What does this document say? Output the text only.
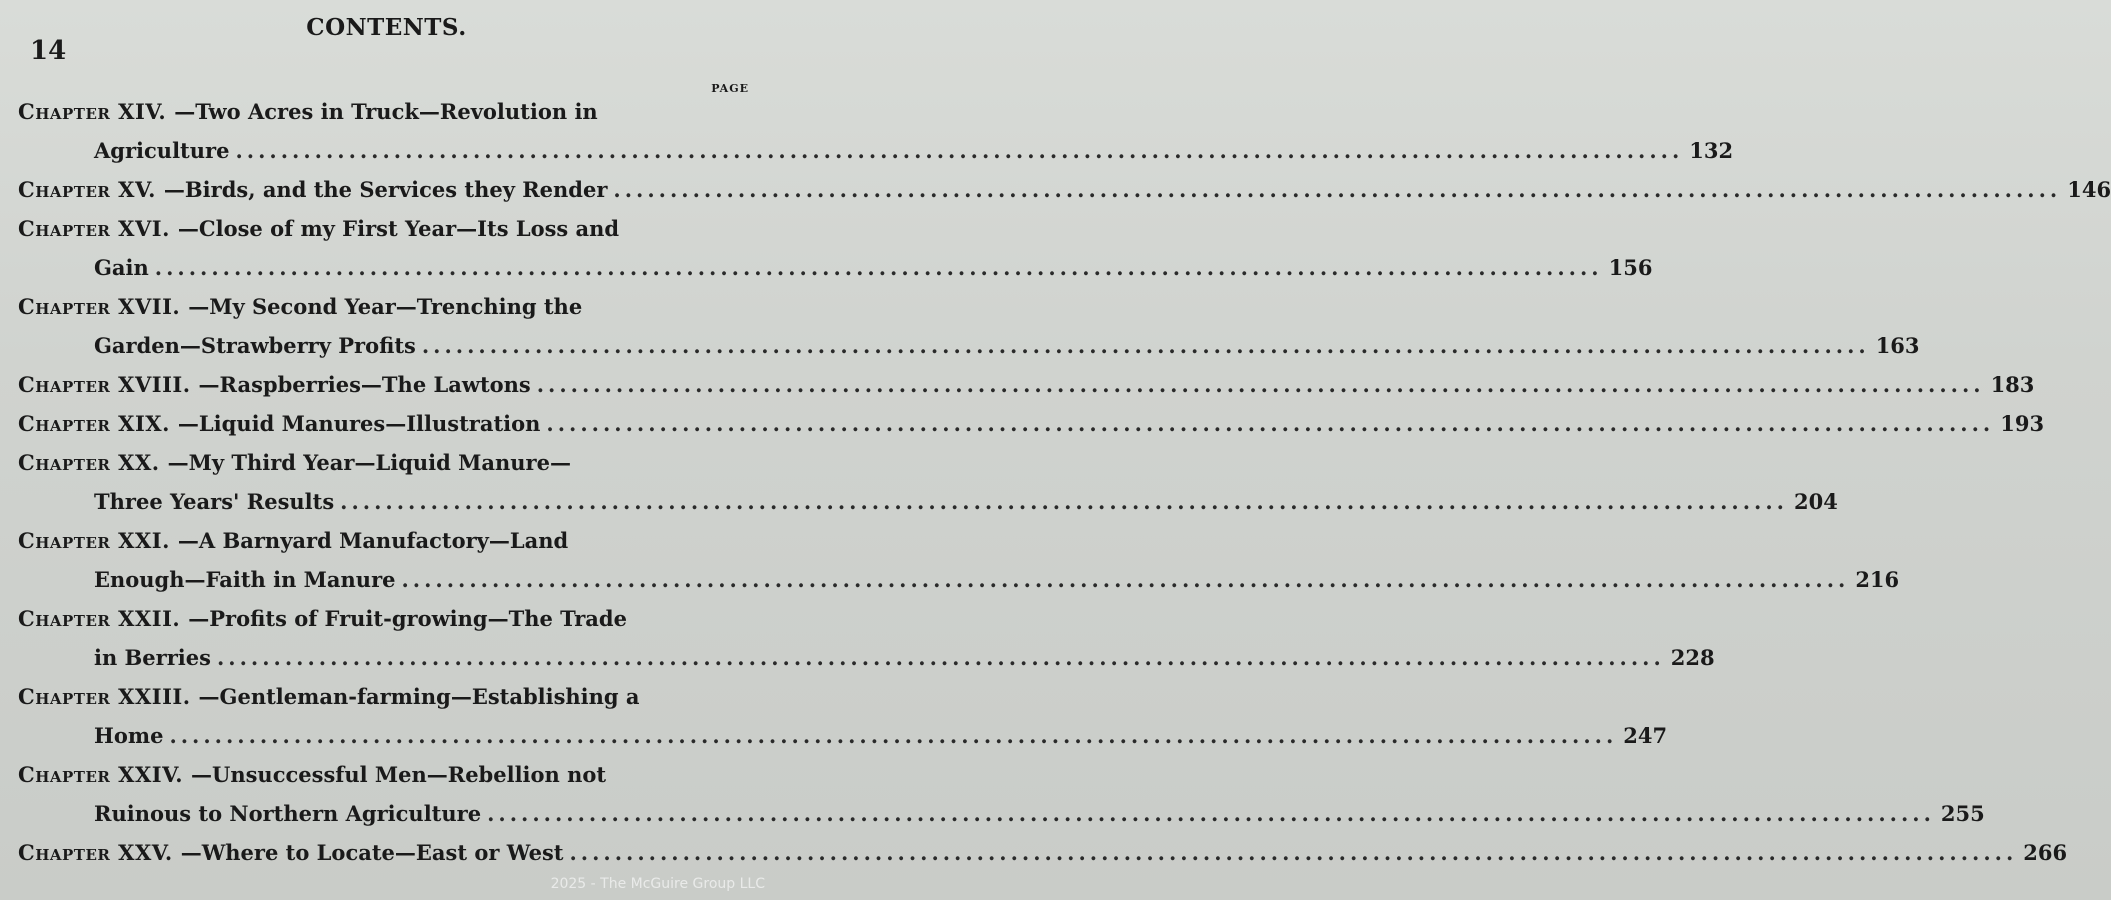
14
CONTENTS.
PAGE
Chapter XIV. —Two Acres in Truck—Revolution in
Agriculture .....	132
Chapter XV. —Birds, and the Services they Render .....	146
Chapter XVI. —Close of my First Year—Its Loss and
Gain .....	156
Chapter XVII. —My Second Year—Trenching the
Garden—Strawberry Profits .....	163
Chapter XVIII. —Raspberries—The Lawtons .....	183
Chapter XIX. —Liquid Manures—Illustration .....	193
Chapter XX. —My Third Year—Liquid Manure—
Three Years' Results .....	204
Chapter XXI. —A Barnyard Manufactory—Land
Enough—Faith in Manure .....	216
Chapter XXII. —Profits of Fruit-growing—The Trade
in Berries .....	228
Chapter XXIII. —Gentleman-farming—Establishing a
Home .....	247
Chapter XXIV. —Unsuccessful Men—Rebellion not
Ruinous to Northern Agriculture .....	255
Chapter XXV. —Where to Locate—East or West .....	266
2025 - The McGuire Group LLC
